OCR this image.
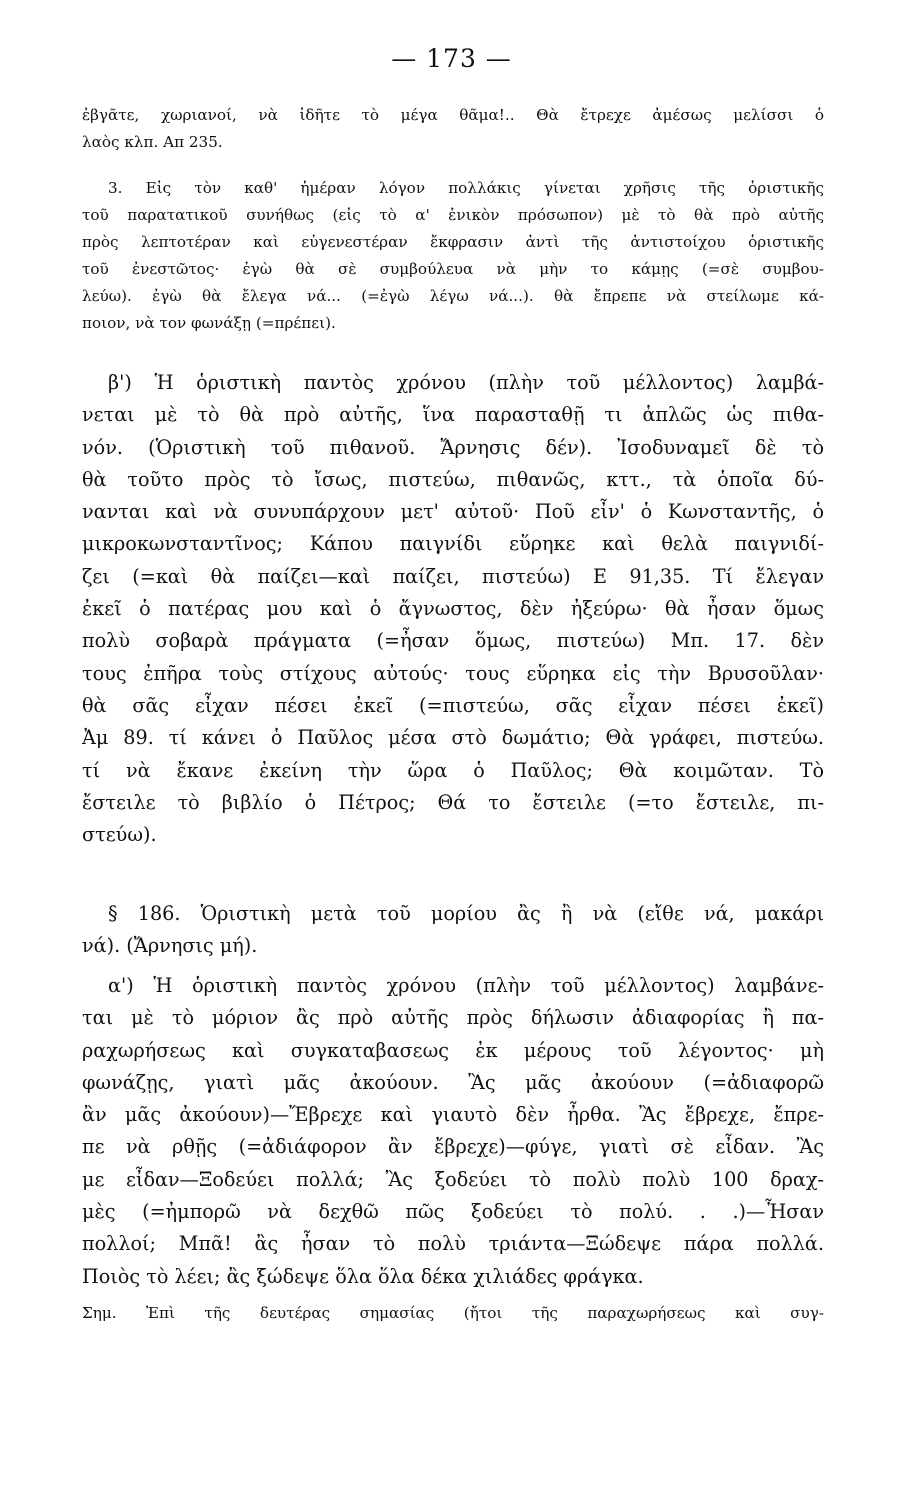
— 173 —
ἐβγᾶτε, χωριανοί, νὰ ἰδῆτε τὸ μέγα θᾶμα!.. Θὰ ἔτρεχε ἀμέσως μελίσσι ὁ
λαὸς κλπ. Απ 235.
3. Εἰς τὸν καθ' ἡμέραν λόγον πολλάκις γίνεται χρῆσις τῆς ὁριστικῆς
τοῦ παρατατικοῦ συνήθως (εἰς τὸ α' ἑνικὸν πρόσωπον) μὲ τὸ θὰ πρὸ αὐτῆς
πρὸς λεπτοτέραν καὶ εὐγενεστέραν ἔκφρασιν ἀντὶ τῆς ἀντιστοίχου ὁριστικῆς
τοῦ ἐνεστῶτος· ἐγὼ θὰ σὲ συμβούλευα νὰ μὴν το κάμῃς (=σὲ συμβου-
λεύω). ἐγὼ θὰ ἔλεγα νά... (=ἐγὼ λέγω νά...). θὰ ἔπρεπε νὰ στείλωμε κά-
ποιον, νὰ τον φωνάξῃ (=πρέπει).
β') Ἡ ὁριστικὴ παντὸς χρόνου (πλὴν τοῦ μέλλοντος) λαμβά-
νεται μὲ τὸ θὰ πρὸ αὐτῆς, ἵνα παρασταθῇ τι ἁπλῶς ὡς πιθα-
νόν. (Ὁριστικὴ τοῦ πιθανοῦ. Ἄρνησις δέν). Ἰσοδυναμεῖ δὲ τὸ
θὰ τοῦτο πρὸς τὸ ἴσως, πιστεύω, πιθανῶς, κττ., τὰ ὁποῖα δύ-
νανται καὶ νὰ συνυπάρχουν μετ' αὐτοῦ· Ποῦ εἶν' ὁ Κωνσταντῆς, ὁ
μικροκωνσταντῖνος; Κάπου παιγνίδι εὕρηκε καὶ θελὰ παιγνιδί-
ζει (=καὶ θὰ παίζει—καὶ παίζει, πιστεύω) Ε 91,35. Τί ἔλεγαν
ἐκεῖ ὁ πατέρας μου καὶ ὁ ἄγνωστος, δὲν ἠξεύρω· θὰ ἦσαν ὅμως
πολὺ σοβαρὰ πράγματα (=ἦσαν ὅμως, πιστεύω) Μπ. 17. δὲν
τους ἐπῆρα τοὺς στίχους αὐτούς· τους εὕρηκα εἰς τὴν Βρυσοῦλαν·
θὰ σᾶς εἶχαν πέσει ἐκεῖ (=πιστεύω, σᾶς εἶχαν πέσει ἐκεῖ)
Ἀμ 89. τί κάνει ὁ Παῦλος μέσα στὸ δωμάτιο; Θὰ γράφει, πιστεύω.
τί νὰ ἔκανε ἐκείνη τὴν ὥρα ὁ Παῦλος; Θὰ κοιμῶταν. Τὸ
ἔστειλε τὸ βιβλίο ὁ Πέτρος; Θά το ἔστειλε (=το ἔστειλε, πι-
στεύω).
§ 186. Ὁριστικὴ μετὰ τοῦ μορίου ἂς ἢ νὰ (εἴθε νά, μακάρι
νά). (Ἄρνησις μή).
α') Ἡ ὁριστικὴ παντὸς χρόνου (πλὴν τοῦ μέλλοντος) λαμβάνε-
ται μὲ τὸ μόριον ἂς πρὸ αὐτῆς πρὸς δήλωσιν ἀδιαφορίας ἢ πα-
ραχωρήσεως καὶ συγκαταβασεως ἐκ μέρους τοῦ λέγοντος· μὴ
φωνάζῃς, γιατὶ μᾶς ἀκούουν. Ἂς μᾶς ἀκούουν (=ἀδιαφορῶ
ἂν μᾶς ἀκούουν)—Ἔβρεχε καὶ γιαυτὸ δὲν ἦρθα. Ἂς ἔβρεχε, ἔπρε-
πε νὰ ρθῇς (=ἀδιάφορον ἂν ἔβρεχε)—φύγε, γιατὶ σὲ εἶδαν. Ἂς
με εἶδαν—Ξοδεύει πολλά; Ἂς ξοδεύει τὸ πολὺ πολὺ 100 δραχ-
μὲς (=ἠμπορῶ νὰ δεχθῶ πῶς ξοδεύει τὸ πολύ. . .)—Ἦσαν
πολλοί; Μπᾶ! ἂς ἦσαν τὸ πολὺ τριάντα—Ξώδεψε πάρα πολλά.
Ποιὸς τὸ λέει; ἂς ξώδεψε ὅλα ὅλα δέκα χιλιάδες φράγκα.
Σημ. Ἐπὶ τῆς δευτέρας σημασίας (ἤτοι τῆς παραχωρήσεως καὶ συγ-
